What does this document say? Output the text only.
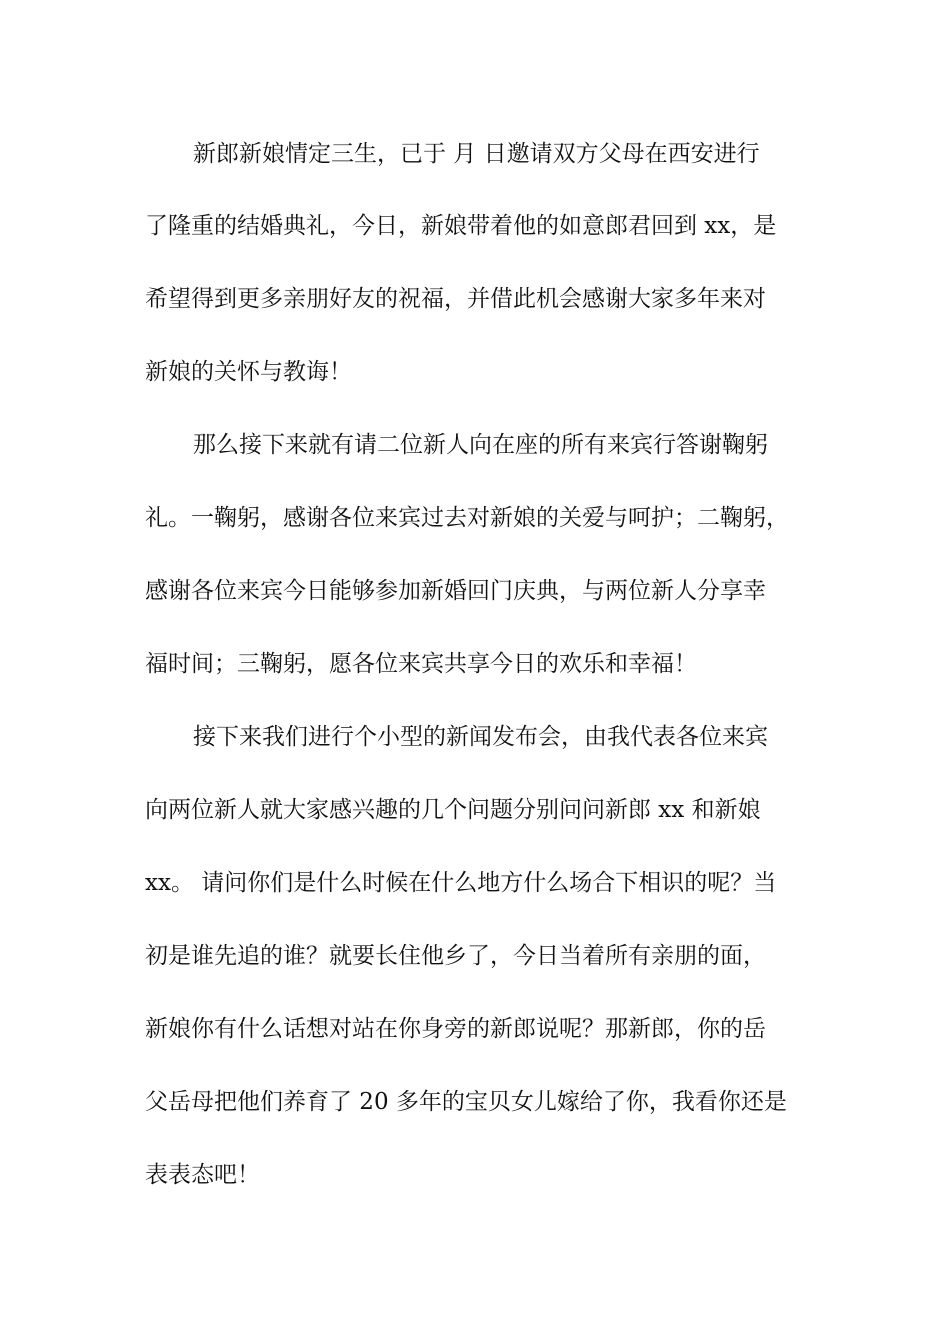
新郎新娘情定三生，已于 月 日邀请双方父母在西安进行
了隆重的结婚典礼，今日，新娘带着他的如意郎君回到 xx，是
希望得到更多亲朋好友的祝福，并借此机会感谢大家多年来对
新娘的关怀与教诲！
那么接下来就有请二位新人向在座的所有来宾行答谢鞠躬
礼。一鞠躬，感谢各位来宾过去对新娘的关爱与呵护；二鞠躬，
感谢各位来宾今日能够参加新婚回门庆典，与两位新人分享幸
福时间；三鞠躬，愿各位来宾共享今日的欢乐和幸福！
接下来我们进行个小型的新闻发布会，由我代表各位来宾
向两位新人就大家感兴趣的几个问题分别问问新郎 xx 和新娘
xx。 请问你们是什么时候在什么地方什么场合下相识的呢？当
初是谁先追的谁？就要长住他乡了，今日当着所有亲朋的面，
新娘你有什么话想对站在你身旁的新郎说呢？那新郎，你的岳
父岳母把他们养育了 20 多年的宝贝女儿嫁给了你，我看你还是
表表态吧！
